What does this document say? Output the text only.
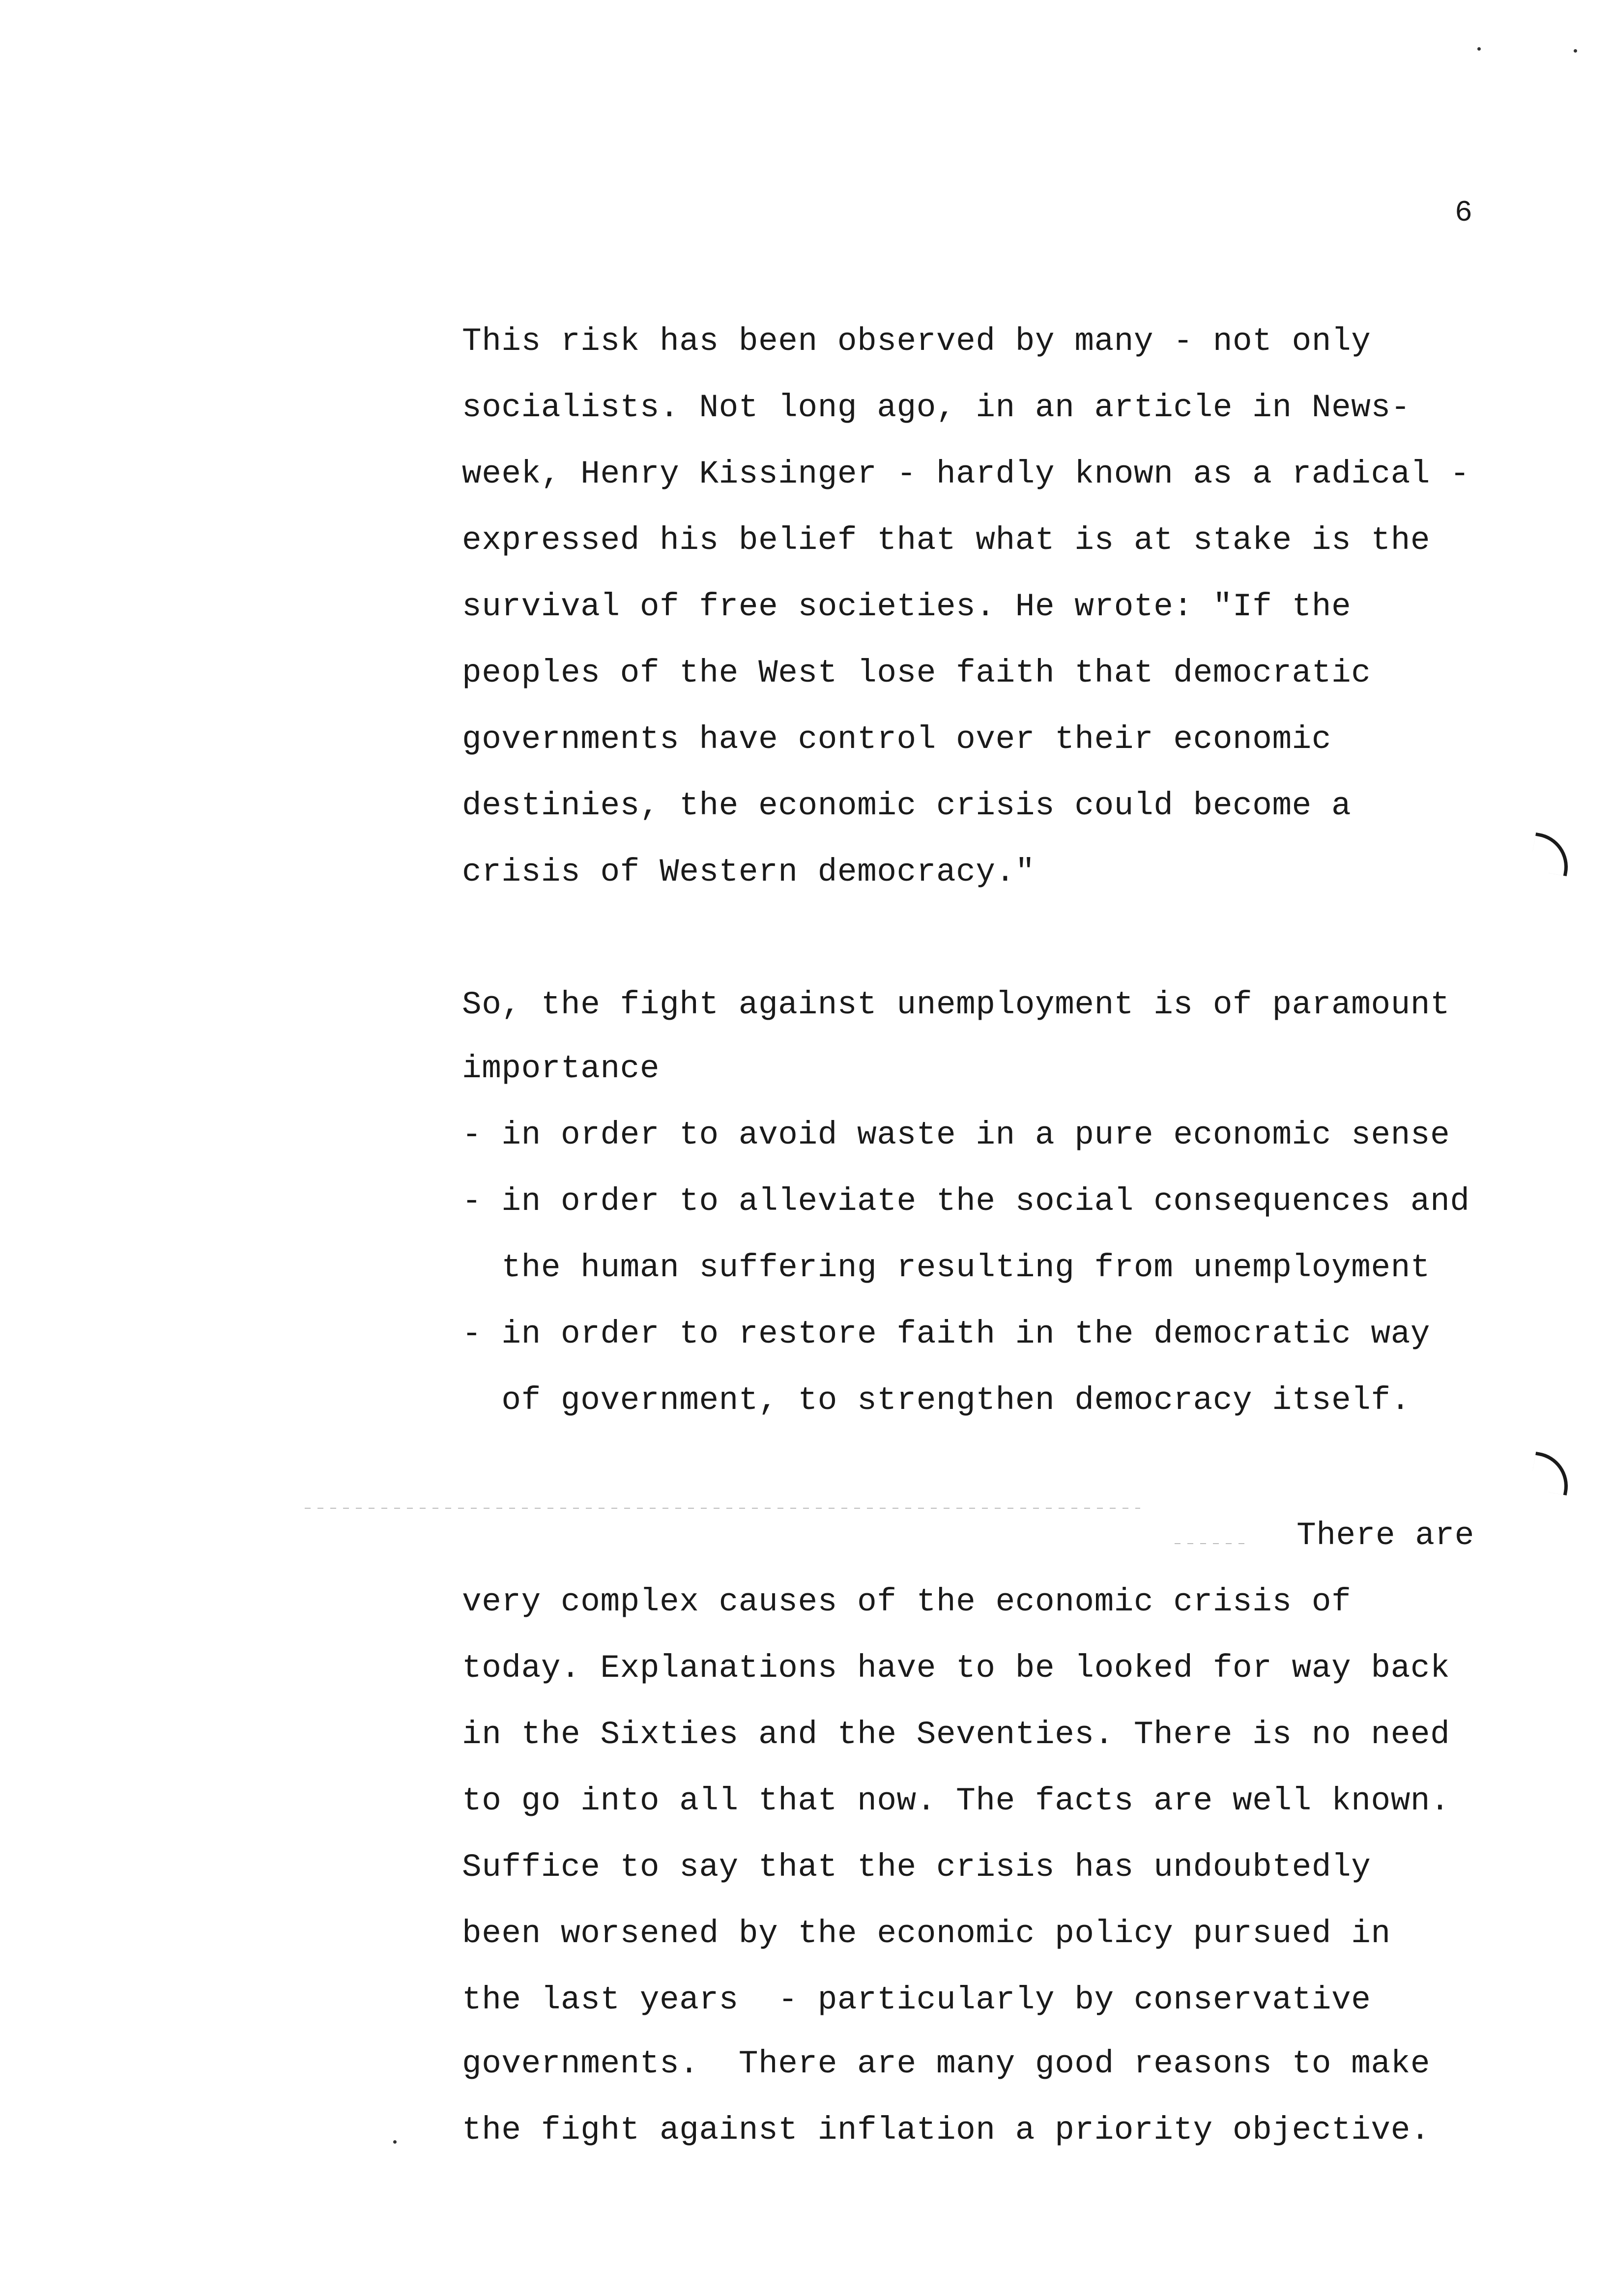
6
This risk has been observed by many - not only
socialists. Not long ago, in an article in News-
week, Henry Kissinger - hardly known as a radical -
expressed his belief that what is at stake is the
survival of free societies. He wrote: "If the
peoples of the West lose faith that democratic
governments have control over their economic
destinies, the economic crisis could become a
crisis of Western democracy."
So, the fight against unemployment is of paramount
importance
- in order to avoid waste in a pure economic sense
- in order to alleviate the social consequences and
the human suffering resulting from unemployment
- in order to restore faith in the democratic way
of government, to strengthen democracy itself.
There are
very complex causes of the economic crisis of
today. Explanations have to be looked for way back
in the Sixties and the Seventies. There is no need
to go into all that now. The facts are well known.
Suffice to say that the crisis has undoubtedly
been worsened by the economic policy pursued in
the last years  - particularly by conservative
governments.  There are many good reasons to make
the fight against inflation a priority objective.
